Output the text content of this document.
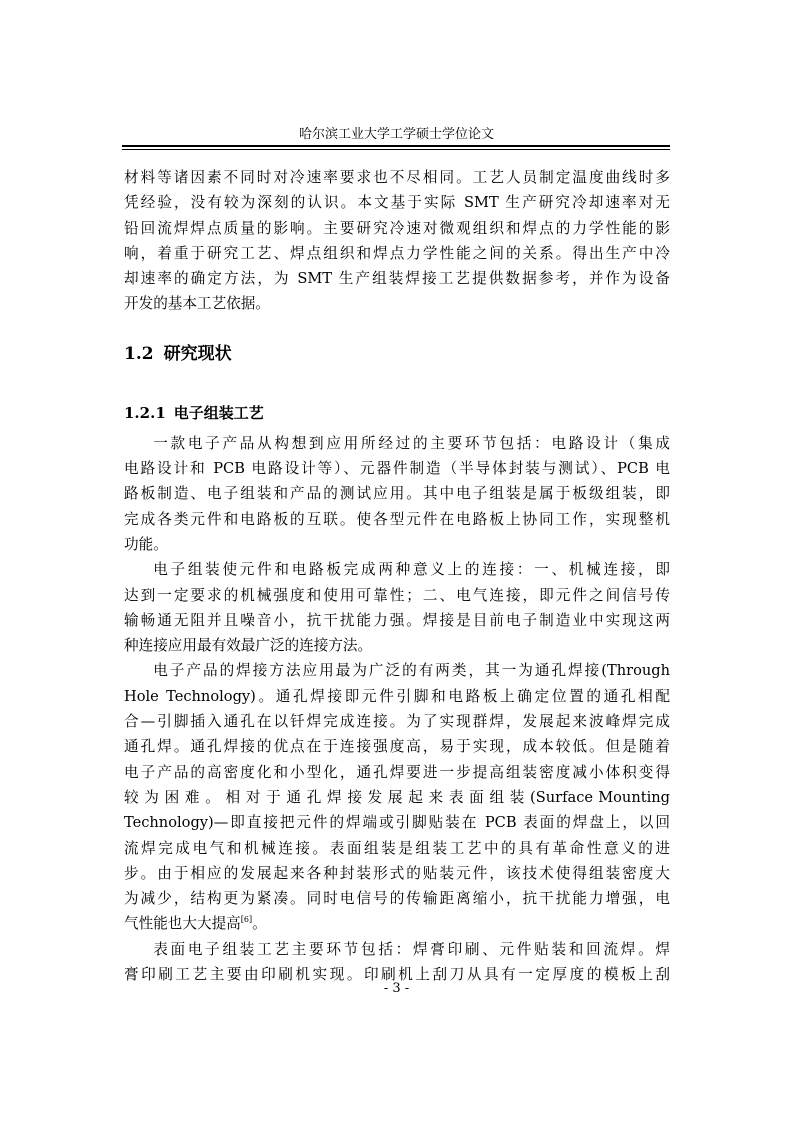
哈尔滨工业大学工学硕士学位论文

材料等诸因素不同时对冷速率要求也不尽相同。工艺人员制定温度曲线时多

凭经验，没有较为深刻的认识。本文基于实际 SMT 生产研究冷却速率对无

铅回流焊焊点质量的影响。主要研究冷速对微观组织和焊点的力学性能的影

响，着重于研究工艺、焊点组织和焊点力学性能之间的关系。得出生产中冷

却速率的确定方法，为 SMT 生产组装焊接工艺提供数据参考，并作为设备

开发的基本工艺依据。

1.2 研究现状
1.2.1 电子组装工艺

一款电子产品从构想到应用所经过的主要环节包括：电路设计（集成

电路设计和 PCB 电路设计等）、元器件制造（半导体封装与测试）、PCB 电

路板制造、电子组装和产品的测试应用。其中电子组装是属于板级组装，即

完成各类元件和电路板的互联。使各型元件在电路板上协同工作，实现整机

功能。

电子组装使元件和电路板完成两种意义上的连接：一、机械连接，即

达到一定要求的机械强度和使用可靠性；二、电气连接，即元件之间信号传

输畅通无阻并且噪音小，抗干扰能力强。焊接是目前电子制造业中实现这两

种连接应用最有效最广泛的连接方法。

电子产品的焊接方法应用最为广泛的有两类，其一为通孔焊接(Through

Hole Technology)。通孔焊接即元件引脚和电路板上确定位置的通孔相配

合—引脚插入通孔在以钎焊完成连接。为了实现群焊，发展起来波峰焊完成

通孔焊。通孔焊接的优点在于连接强度高，易于实现，成本较低。但是随着

电子产品的高密度化和小型化，通孔焊要进一步提高组装密度减小体积变得

较 为 困 难 。 相 对 于 通 孔 焊 接 发 展 起 来 表 面 组 装 (Surface Mounting

Technology)—即直接把元件的焊端或引脚贴装在 PCB 表面的焊盘上，以回

流焊完成电气和机械连接。表面组装是组装工艺中的具有革命性意义的进

步。由于相应的发展起来各种封装形式的贴装元件，该技术使得组装密度大

为减少，结构更为紧凑。同时电信号的传输距离缩小，抗干扰能力增强，电

气性能也大大提高[6]。

表面电子组装工艺主要环节包括：焊膏印刷、元件贴装和回流焊。焊

膏印刷工艺主要由印刷机实现。印刷机上刮刀从具有一定厚度的模板上刮

- 3 -
